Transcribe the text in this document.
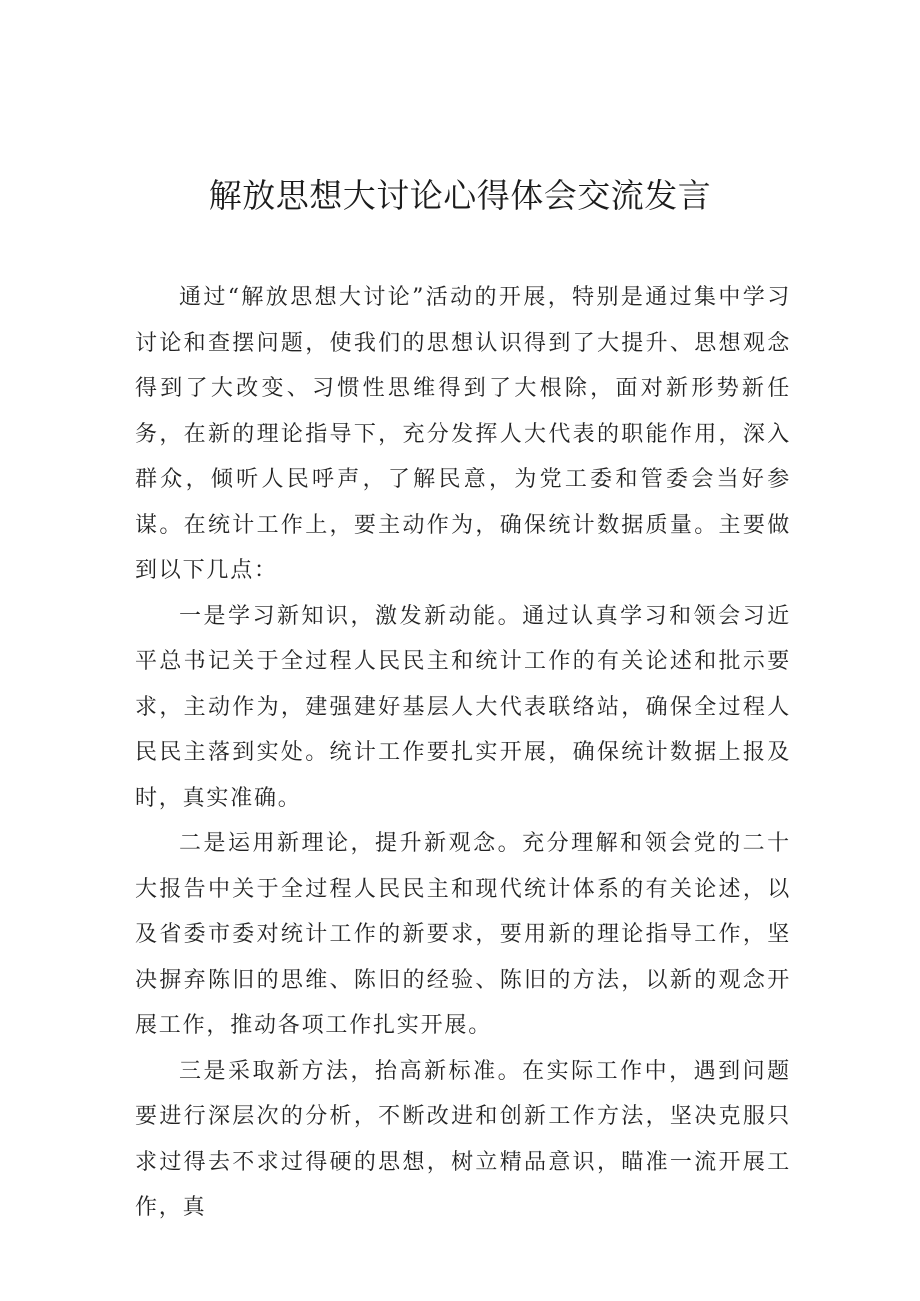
解放思想大讨论心得体会交流发言

通过“解放思想大讨论”活动的开展，特别是通过集中学习讨论和查摆问题，使我们的思想认识得到了大提升、思想观念得到了大改变、习惯性思维得到了大根除，面对新形势新任务，在新的理论指导下，充分发挥人大代表的职能作用，深入群众，倾听人民呼声，了解民意，为党工委和管委会当好参谋。在统计工作上，要主动作为，确保统计数据质量。主要做到以下几点：

一是学习新知识，激发新动能。通过认真学习和领会习近平总书记关于全过程人民民主和统计工作的有关论述和批示要求，主动作为，建强建好基层人大代表联络站，确保全过程人民民主落到实处。统计工作要扎实开展，确保统计数据上报及时，真实准确。

二是运用新理论，提升新观念。充分理解和领会党的二十大报告中关于全过程人民民主和现代统计体系的有关论述，以及省委市委对统计工作的新要求，要用新的理论指导工作，坚决摒弃陈旧的思维、陈旧的经验、陈旧的方法，以新的观念开展工作，推动各项工作扎实开展。

三是采取新方法，抬高新标准。在实际工作中，遇到问题要进行深层次的分析，不断改进和创新工作方法，坚决克服只求过得去不求过得硬的思想，树立精品意识，瞄准一流开展工作，真
